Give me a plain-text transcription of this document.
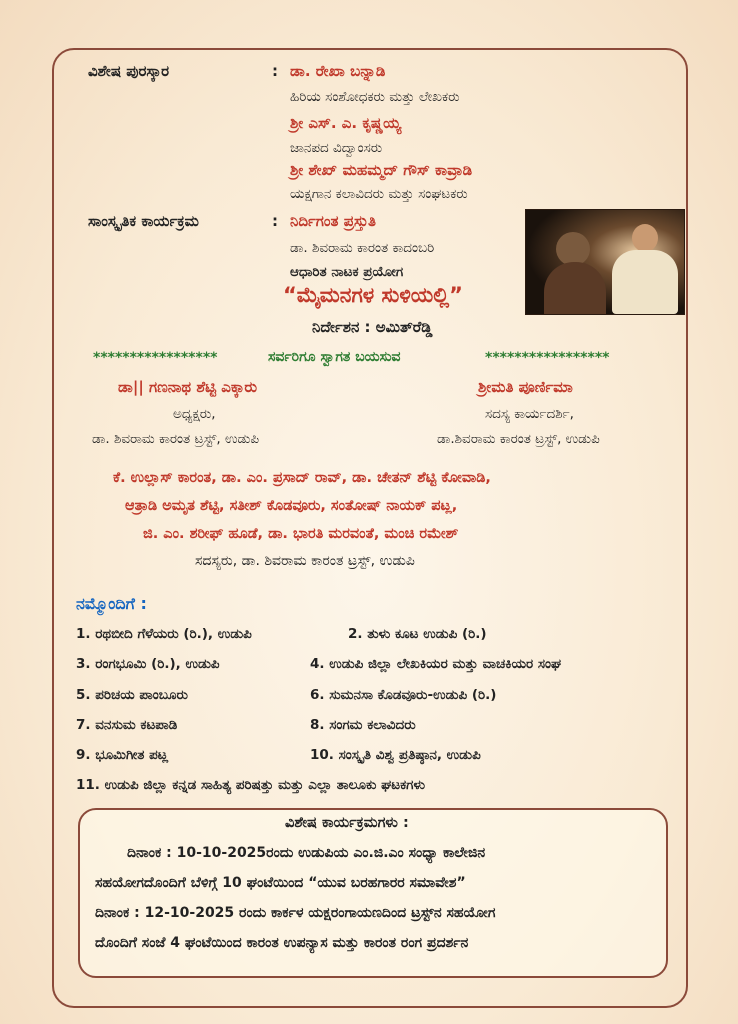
ವಿಶೇಷ ಪುರಸ್ಕಾರ	: ಡಾ. ರೇಖಾ ಬನ್ನಾಡಿ
ಹಿರಿಯ ಸಂಶೋಧಕರು ಮತ್ತು ಲೇಖಕರು
ಶ್ರೀ ಎಸ್. ಎ. ಕೃಷ್ಣಯ್ಯ
ಜಾನಪದ ವಿದ್ವಾಂಸರು
ಶ್ರೀ ಶೇಖ್ ಮಹಮ್ಮದ್ ಗೌಸ್ ಕಾವ್ರಾಡಿ
ಯಕ್ಷಗಾನ ಕಲಾವಿದರು ಮತ್ತು ಸಂಘಟಕರು
ಸಾಂಸ್ಕೃತಿಕ ಕಾರ್ಯಕ್ರಮ	: ನಿರ್ದಿಗಂತ ಪ್ರಸ್ತುತಿ
ಡಾ. ಶಿವರಾಮ ಕಾರಂತ ಕಾದಂಬರಿ
ಆಧಾರಿತ ನಾಟಕ ಪ್ರಯೋಗ
“ಮೈಮನಗಳ ಸುಳಿಯಲ್ಲಿ”
ನಿರ್ದೇಶನ : ಅಮಿತ್‌ರೆಡ್ಡಿ
*****************	ಸರ್ವರಿಗೂ ಸ್ವಾಗತ ಬಯಸುವ	*****************
ಡಾ|| ಗಣನಾಥ ಶೆಟ್ಟಿ ಎಕ್ಕಾರು
ಅಧ್ಯಕ್ಷರು,
ಡಾ. ಶಿವರಾಮ ಕಾರಂತ ಟ್ರಸ್ಟ್, ಉಡುಪಿ
ಶ್ರೀಮತಿ ಪೂರ್ಣಿಮಾ
ಸದಸ್ಯ ಕಾರ್ಯದರ್ಶಿ,
ಡಾ.ಶಿವರಾಮ ಕಾರಂತ ಟ್ರಸ್ಟ್, ಉಡುಪಿ
ಕೆ. ಉಲ್ಲಾಸ್ ಕಾರಂತ, ಡಾ. ಎಂ. ಪ್ರಸಾದ್ ರಾವ್, ಡಾ. ಚೇತನ್ ಶೆಟ್ಟಿ ಕೋವಾಡಿ,
ಆತ್ರಾಡಿ ಅಮೃತ ಶೆಟ್ಟಿ, ಸತೀಶ್ ಕೊಡವೂರು, ಸಂತೋಷ್ ನಾಯಕ್ ಪಟ್ಲ,
ಜಿ. ಎಂ. ಶರೀಫ್ ಹೂಡೆ, ಡಾ. ಭಾರತಿ ಮರವಂತೆ, ಮಂಚಿ ರಮೇಶ್
ಸದಸ್ಯರು, ಡಾ. ಶಿವರಾಮ ಕಾರಂತ ಟ್ರಸ್ಟ್, ಉಡುಪಿ
ನಮ್ಮೊಂದಿಗೆ :
1. ರಥಬೀದಿ ಗೆಳೆಯರು (ರಿ.), ಉಡುಪಿ	2. ತುಳು ಕೂಟ ಉಡುಪಿ (ರಿ.)
3. ರಂಗಭೂಮಿ (ರಿ.), ಉಡುಪಿ	4. ಉಡುಪಿ ಜಿಲ್ಲಾ ಲೇಖಕಿಯರ ಮತ್ತು ವಾಚಕಿಯರ ಸಂಘ
5. ಪರಿಚಯ ಪಾಂಬೂರು	6. ಸುಮನಸಾ ಕೊಡವೂರು-ಉಡುಪಿ (ರಿ.)
7. ವನಸುಮ ಕಟಪಾಡಿ	8. ಸಂಗಮ ಕಲಾವಿದರು
9. ಭೂಮಿಗೀತ ಪಟ್ಲ	10. ಸಂಸ್ಕೃತಿ ವಿಶ್ವ ಪ್ರತಿಷ್ಠಾನ, ಉಡುಪಿ
11. ಉಡುಪಿ ಜಿಲ್ಲಾ ಕನ್ನಡ ಸಾಹಿತ್ಯ ಪರಿಷತ್ತು ಮತ್ತು ಎಲ್ಲಾ ತಾಲೂಕು ಘಟಕಗಳು
ವಿಶೇಷ ಕಾರ್ಯಕ್ರಮಗಳು :
ದಿನಾಂಕ : 10-10-2025ರಂದು ಉಡುಪಿಯ ಎಂ.ಜಿ.ಎಂ ಸಂಧ್ಯಾ ಕಾಲೇಜಿನ
ಸಹಯೋಗದೊಂದಿಗೆ ಬೆಳಿಗ್ಗೆ 10 ಘಂಟೆಯಿಂದ “ಯುವ ಬರಹಗಾರರ ಸಮಾವೇಶ”
ದಿನಾಂಕ : 12-10-2025 ರಂದು ಕಾರ್ಕಳ ಯಕ್ಷರಂಗಾಯಣದಿಂದ ಟ್ರಸ್ಟ್‌ನ ಸಹಯೋಗ
ದೊಂದಿಗೆ ಸಂಜೆ 4 ಘಂಟೆಯಿಂದ ಕಾರಂತ ಉಪನ್ಯಾಸ ಮತ್ತು ಕಾರಂತ ರಂಗ ಪ್ರದರ್ಶನ
